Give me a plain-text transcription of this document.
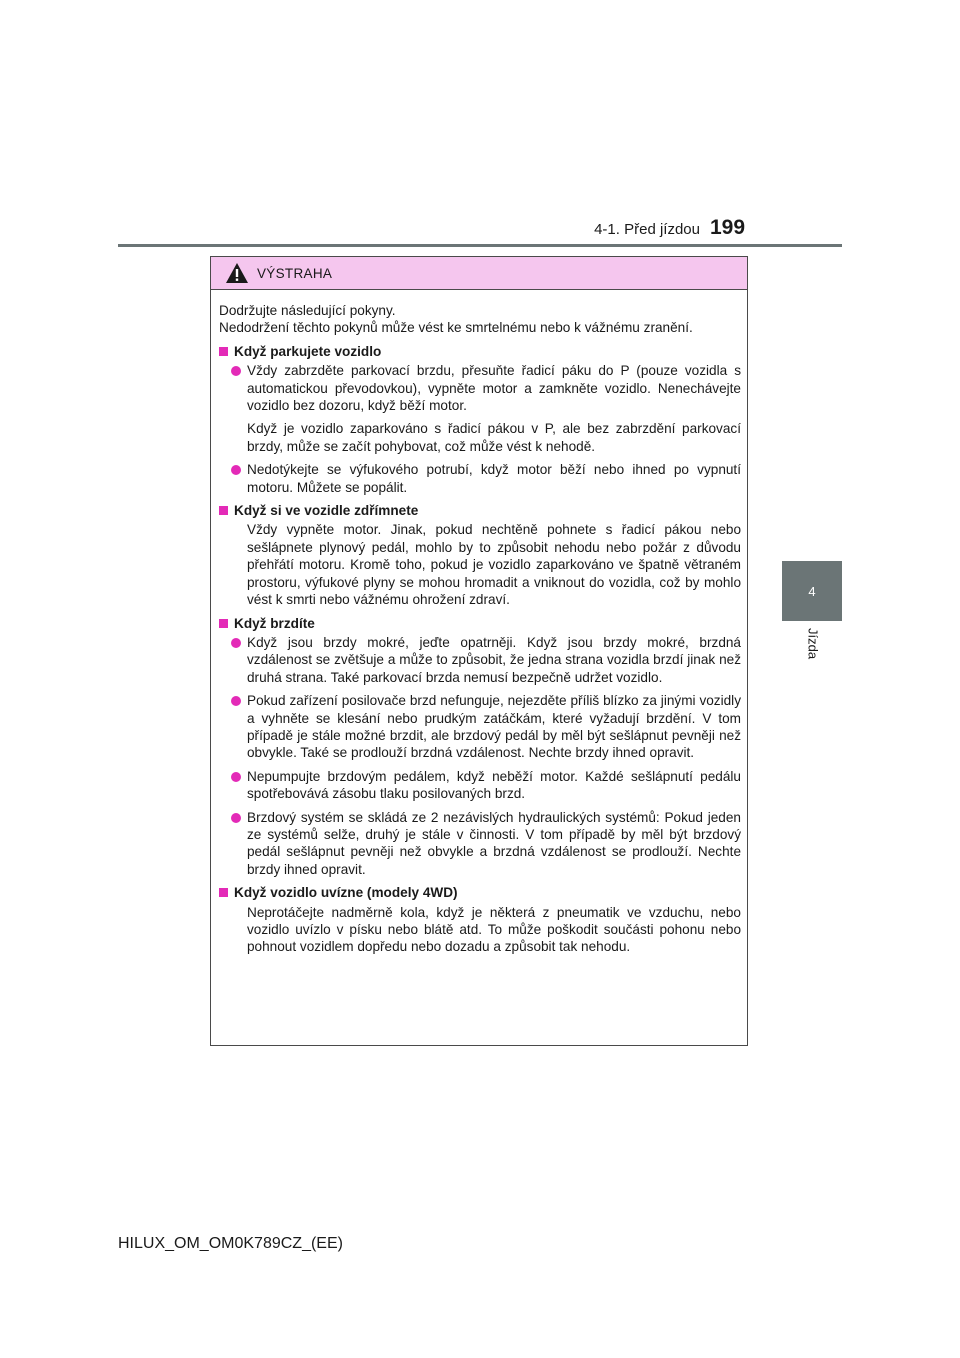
4-1. Před jízdou 199
4
Jízda
VÝSTRAHA

Dodržujte následující pokyny.
Nedodržení těchto pokynů může vést ke smrtelnému nebo k vážnému zranění.

Když parkujete vozidlo

Vždy zabrzděte parkovací brzdu, přesuňte řadicí páku do P (pouze vozidla s automatickou převodovkou), vypněte motor a zamkněte vozidlo. Nenechávejte vozidlo bez dozoru, když běží motor.

Když je vozidlo zaparkováno s řadicí pákou v P, ale bez zabrzdění parkovací brzdy, může se začít pohybovat, což může vést k nehodě.

Nedotýkejte se výfukového potrubí, když motor běží nebo ihned po vypnutí motoru. Můžete se popálit.

Když si ve vozidle zdřímnete

Vždy vypněte motor. Jinak, pokud nechtěně pohnete s řadicí pákou nebo sešlápnete plynový pedál, mohlo by to způsobit nehodu nebo požár z důvodu přehřátí motoru. Kromě toho, pokud je vozidlo zaparkováno ve špatně větraném prostoru, výfukové plyny se mohou hromadit a vniknout do vozidla, což by mohlo vést k smrti nebo vážnému ohrožení zdraví.

Když brzdíte

Když jsou brzdy mokré, jeďte opatrněji. Když jsou brzdy mokré, brzdná vzdálenost se zvětšuje a může to způsobit, že jedna strana vozidla brzdí jinak než druhá strana. Také parkovací brzda nemusí bezpečně udržet vozidlo.

Pokud zařízení posilovače brzd nefunguje, nejezděte příliš blízko za jinými vozidly a vyhněte se klesání nebo prudkým zatáčkám, které vyžadují brzdění. V tom případě je stále možné brzdit, ale brzdový pedál by měl být sešlápnut pevněji než obvykle. Také se prodlouží brzdná vzdálenost. Nechte brzdy ihned opravit.

Nepumpujte brzdovým pedálem, když neběží motor. Každé sešlápnutí pedálu spotřebovává zásobu tlaku posilovaných brzd.

Brzdový systém se skládá ze 2 nezávislých hydraulických systémů: Pokud jeden ze systémů selže, druhý je stále v činnosti. V tom případě by měl být brzdový pedál sešlápnut pevněji než obvykle a brzdná vzdálenost se prodlouží. Nechte brzdy ihned opravit.

Když vozidlo uvízne (modely 4WD)

Neprotáčejte nadměrně kola, když je některá z pneumatik ve vzduchu, nebo vozidlo uvízlo v písku nebo blátě atd. To může poškodit součásti pohonu nebo pohnout vozidlem dopředu nebo dozadu a způsobit tak nehodu.

HILUX_OM_OM0K789CZ_(EE)
